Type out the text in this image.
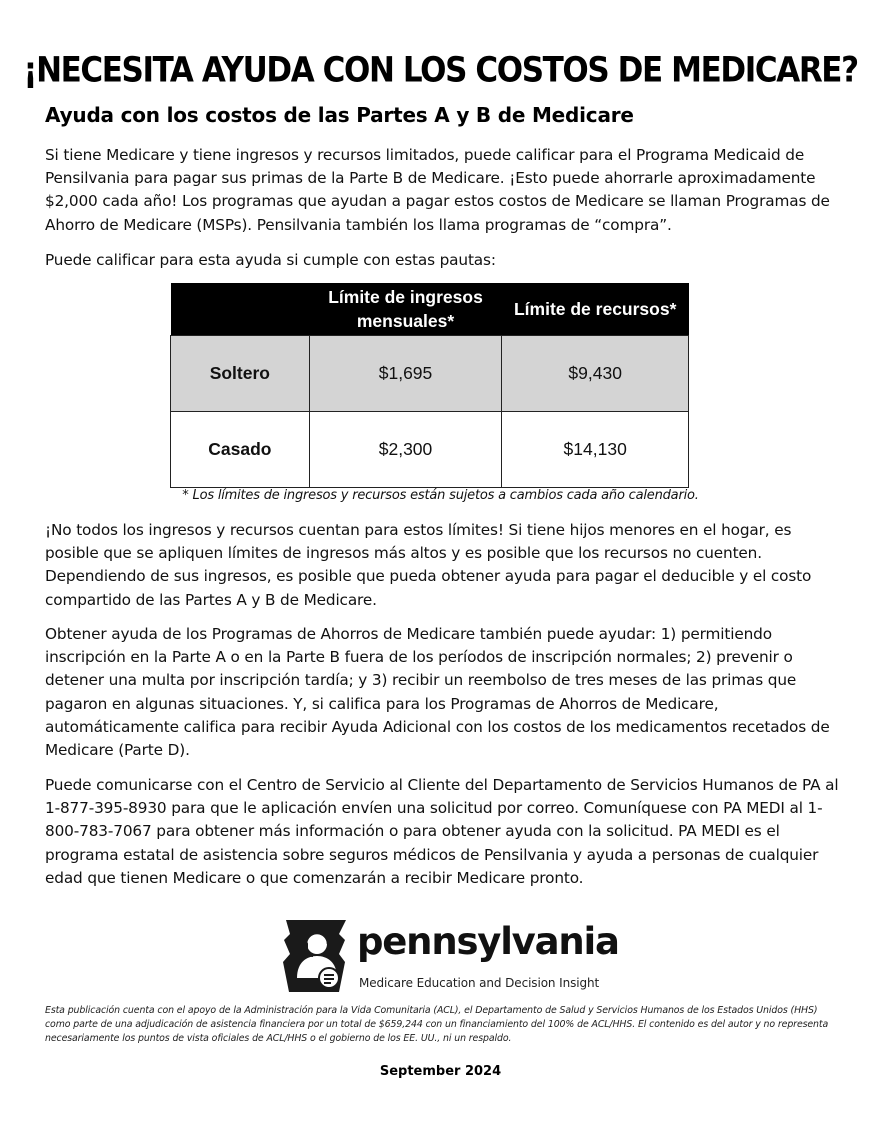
¡NECESITA AYUDA CON LOS COSTOS DE MEDICARE?
Ayuda con los costos de las Partes A y B de Medicare

Si tiene Medicare y tiene ingresos y recursos limitados, puede calificar para el Programa Medicaid de Pensilvania para pagar sus primas de la Parte B de Medicare. ¡Esto puede ahorrarle aproximadamente $2,000 cada año! Los programas que ayudan a pagar estos costos de Medicare se llaman Programas de Ahorro de Medicare (MSPs). Pensilvania también los llama programas de “compra”.

Puede calificar para esta ayuda si cumple con estas pautas:

	Límite de ingresos mensuales*	Límite de recursos*
Soltero	$1,695	$9,430
Casado	$2,300	$14,130
* Los límites de ingresos y recursos están sujetos a cambios cada año calendario.

¡No todos los ingresos y recursos cuentan para estos límites! Si tiene hijos menores en el hogar, es posible que se apliquen límites de ingresos más altos y es posible que los recursos no cuenten. Dependiendo de sus ingresos, es posible que pueda obtener ayuda para pagar el deducible y el costo compartido de las Partes A y B de Medicare.

Obtener ayuda de los Programas de Ahorros de Medicare también puede ayudar: 1) permitiendo inscripción en la Parte A o en la Parte B fuera de los períodos de inscripción normales; 2) prevenir o detener una multa por inscripción tardía; y 3) recibir un reembolso de tres meses de las primas que pagaron en algunas situaciones. Y, si califica para los Programas de Ahorros de Medicare, automáticamente califica para recibir Ayuda Adicional con los costos de los medicamentos recetados de Medicare (Parte D).

Puede comunicarse con el Centro de Servicio al Cliente del Departamento de Servicios Humanos de PA al 1-877-395-8930 para que le aplicación envíen una solicitud por correo. Comuníquese con PA MEDI al 1-800-783-7067 para obtener más información o para obtener ayuda con la solicitud. PA MEDI es el programa estatal de asistencia sobre seguros médicos de Pensilvania y ayuda a personas de cualquier edad que tienen Medicare o que comenzarán a recibir Medicare pronto.

pennsylvania
Medicare Education and Decision Insight

Esta publicación cuenta con el apoyo de la Administración para la Vida Comunitaria (ACL), el Departamento de Salud y Servicios Humanos de los Estados Unidos (HHS) como parte de una adjudicación de asistencia financiera por un total de $659,244 con un financiamiento del 100% de ACL/HHS. El contenido es del autor y no representa necesariamente los puntos de vista oficiales de ACL/HHS o el gobierno de los EE. UU., ni un respaldo.

September 2024
